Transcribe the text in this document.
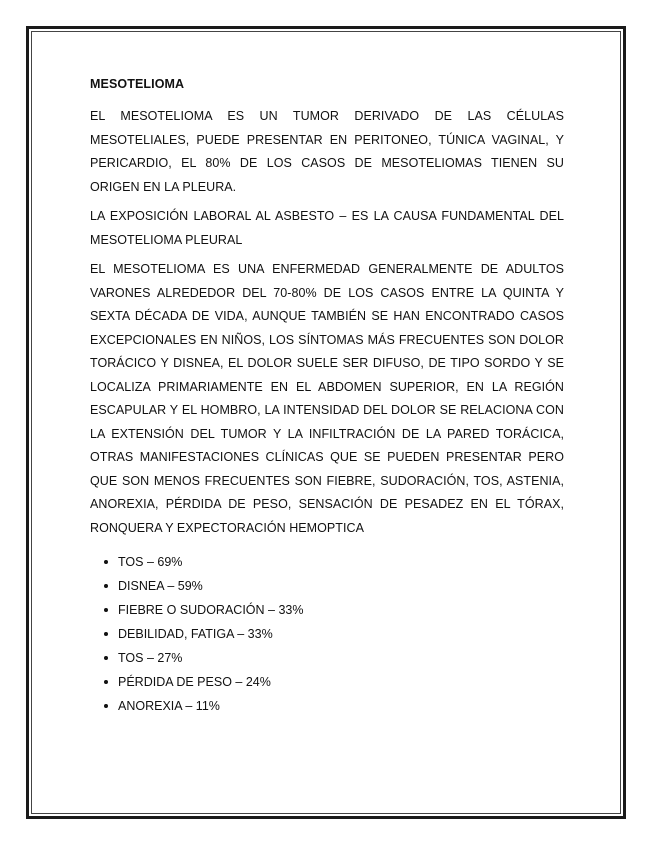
MESOTELIOMA

EL MESOTELIOMA ES UN TUMOR DERIVADO DE LAS CÉLULAS MESOTELIALES, PUEDE PRESENTAR EN PERITONEO, TÚNICA VAGINAL, Y PERICARDIO, EL 80% DE LOS CASOS DE MESOTELIOMAS TIENEN SU ORIGEN EN LA PLEURA.

LA EXPOSICIÓN LABORAL AL ASBESTO – ES LA CAUSA FUNDAMENTAL DEL MESOTELIOMA PLEURAL

EL MESOTELIOMA ES UNA ENFERMEDAD GENERALMENTE DE ADULTOS VARONES ALREDEDOR DEL 70-80% DE LOS CASOS ENTRE LA QUINTA Y SEXTA DÉCADA DE VIDA, AUNQUE TAMBIÉN SE HAN ENCONTRADO CASOS EXCEPCIONALES EN NIÑOS, LOS SÍNTOMAS MÁS FRECUENTES SON DOLOR TORÁCICO Y DISNEA, EL DOLOR SUELE SER DIFUSO, DE TIPO SORDO Y SE LOCALIZA PRIMARIAMENTE EN EL ABDOMEN SUPERIOR, EN LA REGIÓN ESCAPULAR Y EL HOMBRO, LA INTENSIDAD DEL DOLOR SE RELACIONA CON LA EXTENSIÓN DEL TUMOR Y LA INFILTRACIÓN DE LA PARED TORÁCICA, OTRAS MANIFESTACIONES CLÍNICAS QUE SE PUEDEN PRESENTAR PERO QUE SON MENOS FRECUENTES SON FIEBRE, SUDORACIÓN, TOS, ASTENIA, ANOREXIA, PÉRDIDA DE PESO, SENSACIÓN DE PESADEZ EN EL TÓRAX, RONQUERA Y EXPECTORACIÓN HEMOPTICA

TOS – 69%
DISNEA – 59%
FIEBRE O SUDORACIÓN – 33%
DEBILIDAD, FATIGA – 33%
TOS – 27%
PÉRDIDA DE PESO – 24%
ANOREXIA – 11%
